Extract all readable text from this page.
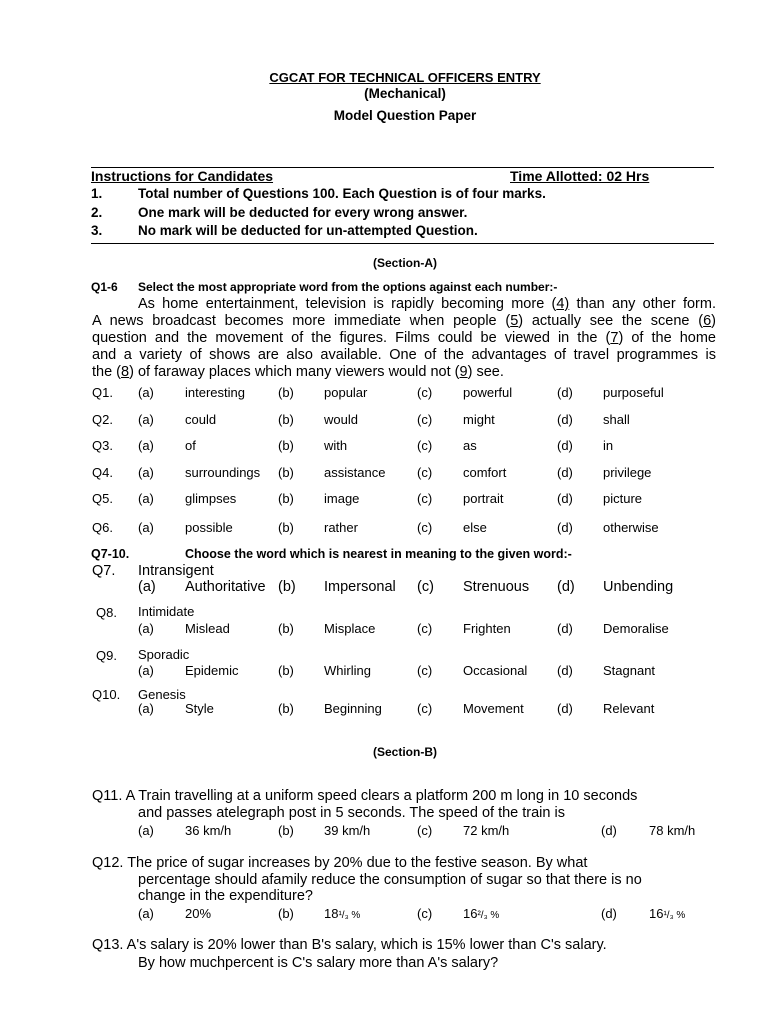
CGCAT FOR TECHNICAL OFFICERS ENTRY
(Mechanical)
Model Question Paper
Instructions for Candidates	Time Allotted: 02 Hrs
1.	Total number of Questions 100. Each Question is of four marks.
2.	One mark will be deducted for every wrong answer.
3.	No mark will be deducted for un-attempted Question.
(Section-A)
Q1-6 Select the most appropriate word from the options against each number:-
As home entertainment, television is rapidly becoming more (4) than any other form.
A news broadcast becomes more immediate when people (5) actually see the scene (6)
question and the movement of the figures. Films could be viewed in the (7) of the home
and a variety of shows are also available. One of the advantages of travel programmes is
the (8) of faraway places which many viewers would not (9) see.
Q1. (a) interesting	(b) popular	(c) powerful	(d) purposeful
Q2. (a) could	(b) would	(c) might	(d) shall
Q3. (a) of	(b) with	(c) as	(d) in
Q4. (a) surroundings (b) assistance (c) comfort	(d) privilege
Q5. (a) glimpses	(b) image	(c) portrait	(d) picture
Q6. (a) possible	(b) rather	(c) else	(d) otherwise
Q7-10.	Choose the word which is nearest in meaning to the given word:-
Q7. Intransigent
(a) Authoritative (b) Impersonal (c) Strenuous (d) Unbending
Q8. Intimidate
(a) Mislead	(b) Misplace	(c) Frighten	(d) Demoralise
Q9. Sporadic
(a) Epidemic	(b) Whirling	(c) Occasional (d) Stagnant
Q10. Genesis
(a) Style	(b) Beginning	(c) Movement	(d) Relevant
(Section-B)
Q11. A Train travelling at a uniform speed clears a platform 200 m long in 10 seconds
and passes atelegraph post in 5 seconds. The speed of the train is
(a) 36 km/h	(b) 39 km/h	(c) 72 km/h	(d) 78 km/h
Q12. The price of sugar increases by 20% due to the festive season. By what
percentage should afamily reduce the consumption of sugar so that there is no
change in the expenditure?
(a) 20%	(b) 18¹/₃ %	(c) 16²/₃ %	(d) 16¹/₃ %
Q13. A's salary is 20% lower than B's salary, which is 15% lower than C's salary.
By how muchpercent is C's salary more than A's salary?
